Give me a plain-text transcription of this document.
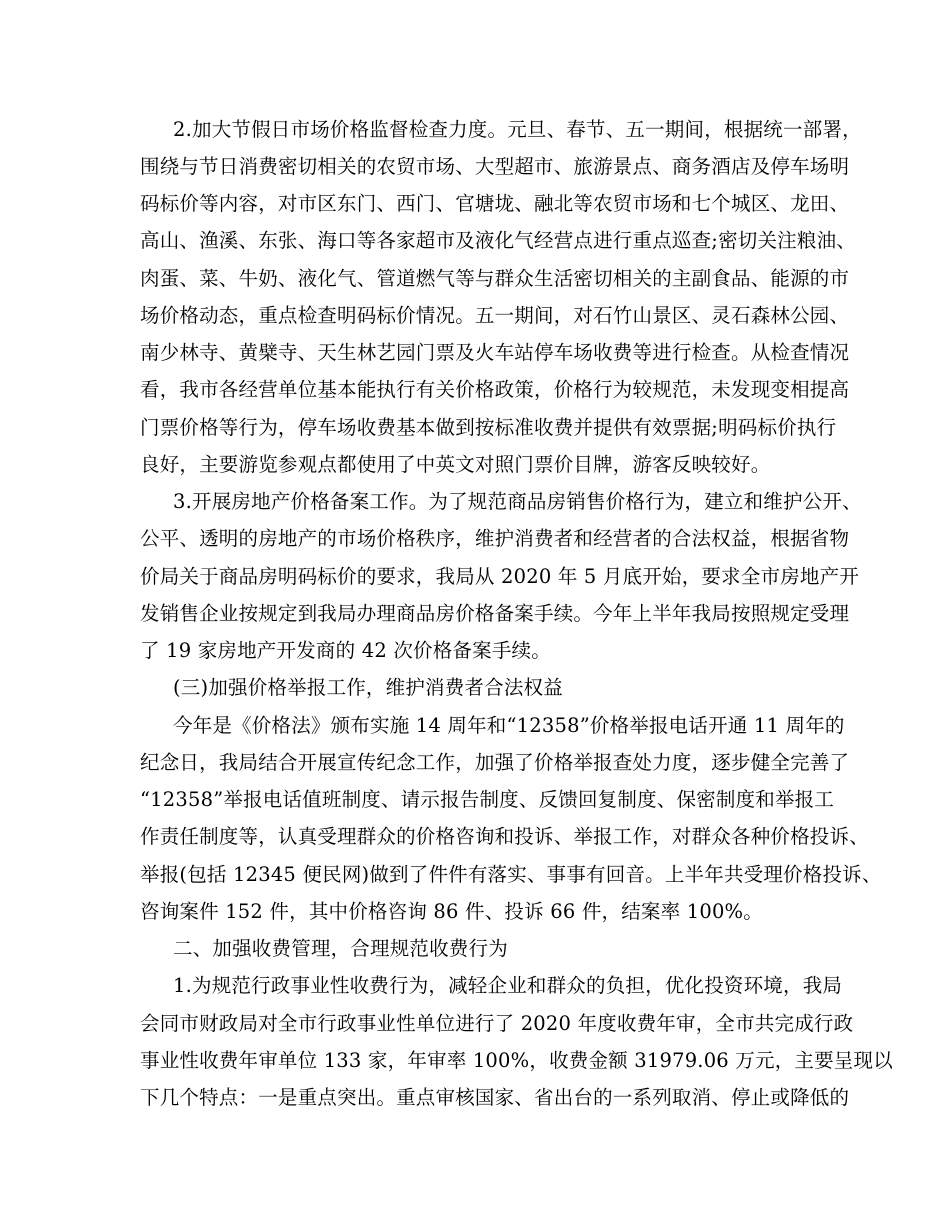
2.加大节假日市场价格监督检查力度。元旦、春节、五一期间，根据统一部署，
围绕与节日消费密切相关的农贸市场、大型超市、旅游景点、商务酒店及停车场明
码标价等内容，对市区东门、西门、官塘垅、融北等农贸市场和七个城区、龙田、
高山、渔溪、东张、海口等各家超市及液化气经营点进行重点巡查;密切关注粮油、
肉蛋、菜、牛奶、液化气、管道燃气等与群众生活密切相关的主副食品、能源的市
场价格动态，重点检查明码标价情况。五一期间，对石竹山景区、灵石森林公园、
南少林寺、黄檗寺、天生林艺园门票及火车站停车场收费等进行检查。从检查情况
看，我市各经营单位基本能执行有关价格政策，价格行为较规范，未发现变相提高
门票价格等行为，停车场收费基本做到按标准收费并提供有效票据;明码标价执行
良好，主要游览参观点都使用了中英文对照门票价目牌，游客反映较好。
3.开展房地产价格备案工作。为了规范商品房销售价格行为，建立和维护公开、
公平、透明的房地产的市场价格秩序，维护消费者和经营者的合法权益，根据省物
价局关于商品房明码标价的要求，我局从 2020 年 5 月底开始，要求全市房地产开
发销售企业按规定到我局办理商品房价格备案手续。今年上半年我局按照规定受理
了 19 家房地产开发商的 42 次价格备案手续。
(三)加强价格举报工作，维护消费者合法权益
今年是《价格法》颁布实施 14 周年和“12358”价格举报电话开通 11 周年的
纪念日，我局结合开展宣传纪念工作，加强了价格举报查处力度，逐步健全完善了
“12358”举报电话值班制度、请示报告制度、反馈回复制度、保密制度和举报工
作责任制度等，认真受理群众的价格咨询和投诉、举报工作，对群众各种价格投诉、
举报(包括 12345 便民网)做到了件件有落实、事事有回音。上半年共受理价格投诉、
咨询案件 152 件，其中价格咨询 86 件、投诉 66 件，结案率 100%。
二、加强收费管理，合理规范收费行为
1.为规范行政事业性收费行为，减轻企业和群众的负担，优化投资环境，我局
会同市财政局对全市行政事业性单位进行了 2020 年度收费年审，全市共完成行政
事业性收费年审单位 133 家，年审率 100%，收费金额 31979.06 万元，主要呈现以
下几个特点：一是重点突出。重点审核国家、省出台的一系列取消、停止或降低的
